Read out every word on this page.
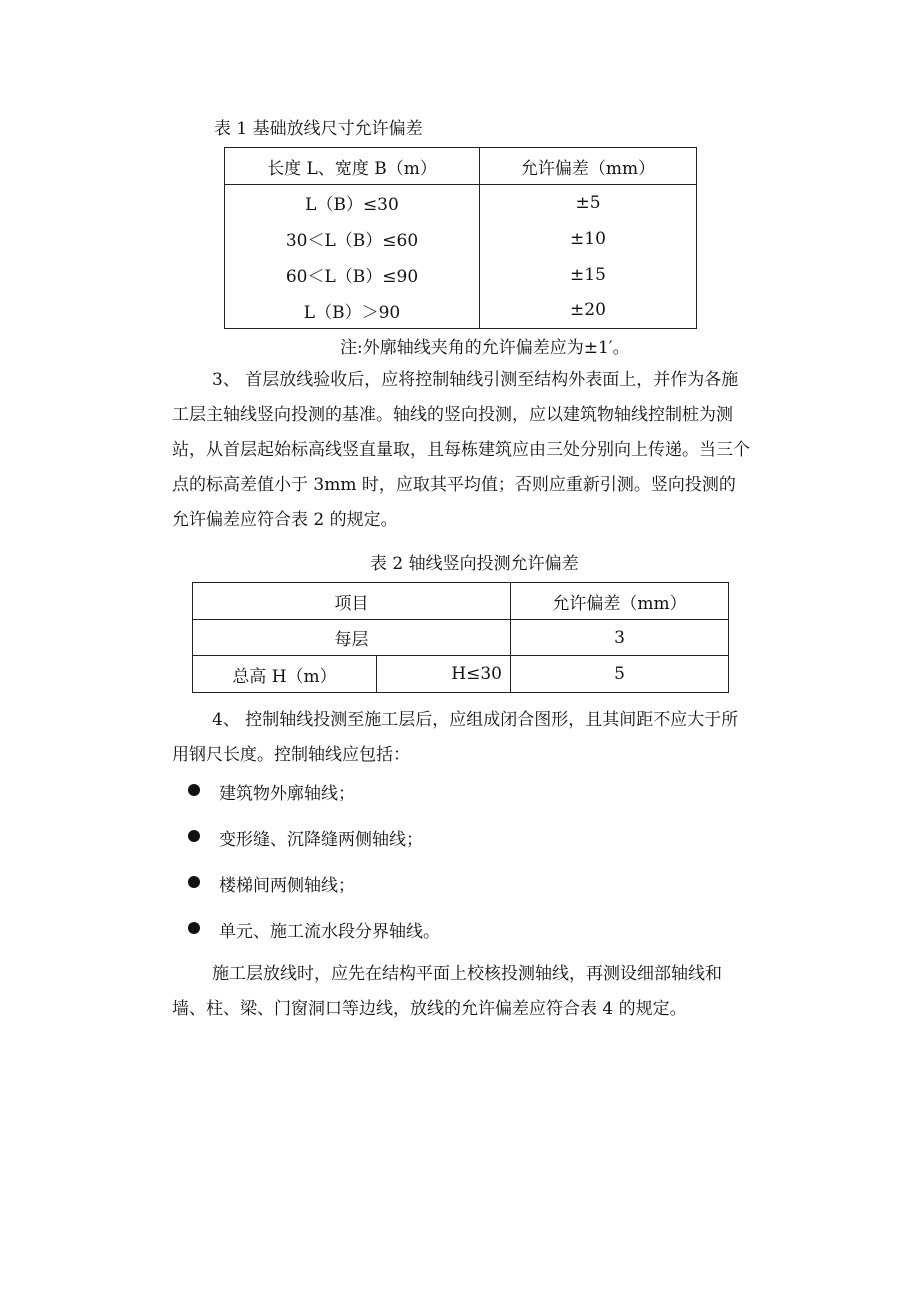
表 1 基础放线尺寸允许偏差
长度 L、宽度 B（m）	允许偏差（mm）
L（B）≤30	±5
30＜L（B）≤60	±10
60＜L（B）≤90	±15
L（B）＞90	±20
注:外廓轴线夹角的允许偏差应为±1′。
3、 首层放线验收后，应将控制轴线引测至结构外表面上，并作为各施工层主轴线竖向投测的基准。轴线的竖向投测，应以建筑物轴线控制桩为测站，从首层起始标高线竖直量取，且每栋建筑应由三处分别向上传递。当三个点的标高差值小于 3mm 时，应取其平均值；否则应重新引测。竖向投测的允许偏差应符合表 2 的规定。
表 2 轴线竖向投测允许偏差
项目		允许偏差（mm）
每层		3
总高 H（m）	H≤30	5
4、 控制轴线投测至施工层后，应组成闭合图形，且其间距不应大于所用钢尺长度。控制轴线应包括：
建筑物外廓轴线；
变形缝、沉降缝两侧轴线；
楼梯间两侧轴线；
单元、施工流水段分界轴线。
施工层放线时，应先在结构平面上校核投测轴线，再测设细部轴线和墙、柱、梁、门窗洞口等边线，放线的允许偏差应符合表 4 的规定。
